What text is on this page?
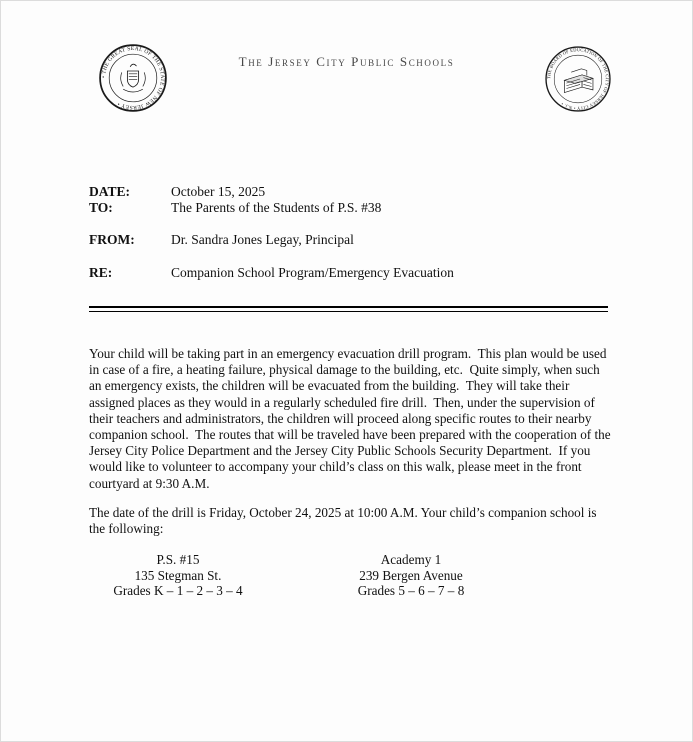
• THE GREAT SEAL OF THE STATE OF NEW JERSEY •
The Jersey City Public Schools
THE BOARD OF EDUCATION OF THE CITY OF JERSEY CITY • N.J. •
DATE:	October 15, 2025
TO:	The Parents of the Students of P.S. #38
FROM:	Dr. Sandra Jones Legay, Principal
RE:	Companion School Program/Emergency Evacuation

Your child will be taking part in an emergency evacuation drill program.  This plan would be used in case of a fire, a heating failure, physical damage to the building, etc.  Quite simply, when such an emergency exists, the children will be evacuated from the building.  They will take their assigned places as they would in a regularly scheduled fire drill.  Then, under the supervision of their teachers and administrators, the children will proceed along specific routes to their nearby companion school.  The routes that will be traveled have been prepared with the cooperation of the Jersey City Police Department and the Jersey City Public Schools Security Department.  If you would like to volunteer to accompany your child’s class on this walk, please meet in the front courtyard at 9:30 A.M.

The date of the drill is Friday, October 24, 2025 at 10:00 A.M. Your child’s companion school is the following:

P.S. #15
135 Stegman St.
Grades K – 1 – 2 – 3 – 4
Academy 1
239 Bergen Avenue
Grades 5 – 6 – 7 – 8
